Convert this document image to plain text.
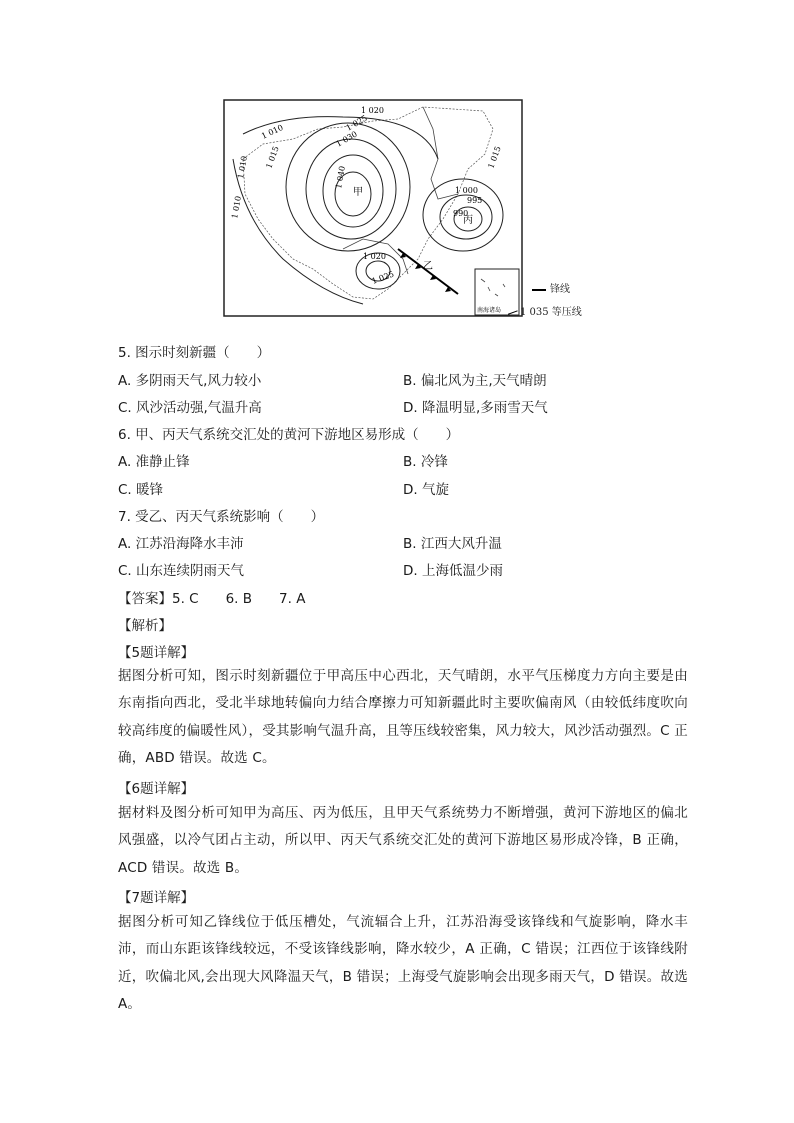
1 010
1 015
1 020
1 025
1 030
1 040
1 010
1 010
1 000
995
990
1 020
1 025
1 015
甲
乙
丙
南海诸岛
锋线
1 035 等压线
5. 图示时刻新疆（　　）
A. 多阴雨天气,风力较小	B. 偏北风为主,天气晴朗
C. 风沙活动强,气温升高	D. 降温明显,多雨雪天气
6. 甲、丙天气系统交汇处的黄河下游地区易形成（　　）
A. 准静止锋	B. 冷锋
C. 暖锋	D. 气旋
7. 受乙、丙天气系统影响（　　）
A. 江苏沿海降水丰沛	B. 江西大风升温
C. 山东连续阴雨天气	D. 上海低温少雨
【答案】5. C　　6. B　　7. A
【解析】
【5题详解】
据图分析可知，图示时刻新疆位于甲高压中心西北，天气晴朗，水平气压梯度力方向主要是由东南指向西北，受北半球地转偏向力结合摩擦力可知新疆此时主要吹偏南风（由较低纬度吹向较高纬度的偏暖性风），受其影响气温升高，且等压线较密集，风力较大，风沙活动强烈。C 正确，ABD 错误。故选 C。
【6题详解】
据材料及图分析可知甲为高压、丙为低压，且甲天气系统势力不断增强，黄河下游地区的偏北风强盛，以冷气团占主动，所以甲、丙天气系统交汇处的黄河下游地区易形成冷锋，B 正确，ACD 错误。故选 B。
【7题详解】
据图分析可知乙锋线位于低压槽处，气流辐合上升，江苏沿海受该锋线和气旋影响，降水丰沛，而山东距该锋线较远，不受该锋线影响，降水较少，A 正确，C 错误；江西位于该锋线附近，吹偏北风,会出现大风降温天气，B 错误；上海受气旋影响会出现多雨天气，D 错误。故选 A。
